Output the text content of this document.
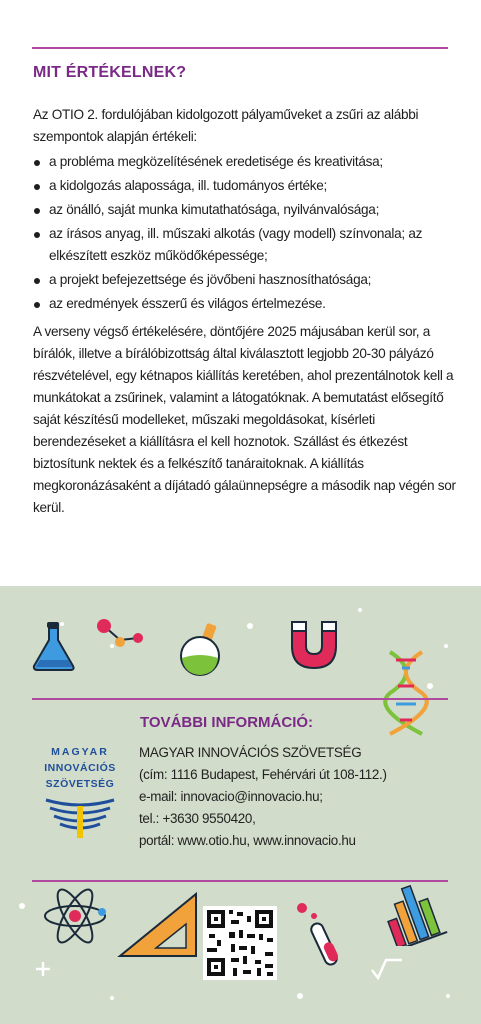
MIT ÉRTÉKELNEK?

Az OTIO 2. fordulójában kidolgozott pályaműveket a zsűri az alábbi szempontok alapján értékeli:

a probléma megközelítésének eredetisége és kreativitása;
a kidolgozás alapossága, ill. tudományos értéke;
az önálló, saját munka kimutathatósága, nyilvánvalósága;
az írásos anyag, ill. műszaki alkotás (vagy modell) színvonala; az elkészített eszköz működőképessége;
a projekt befejezettsége és jövőbeni hasznosíthatósága;
az eredmények ésszerű és világos értelmezése.

A verseny végső értékelésére, döntőjére 2025 májusában kerül sor, a bírálók, illetve a bírálóbizottság által kiválasztott legjobb 20-30 pályázó részvételével, egy kétnapos kiállítás keretében, ahol prezentálnotok kell a munkátokat a zsűrinek, valamint a látogatóknak. A bemutatást elősegítő saját készítésű modelleket, műszaki megoldásokat, kísérleti berendezéseket a kiállításra el kell hoznotok. Szállást és étkezést biztosítunk nektek és a felkészítő tanáraitoknak. A kiállítás megkoronázásaként a díjátadó gálaünnepségre a második nap végén sor kerül.

TOVÁBBI INFORMÁCIÓ:
MAGYAR
INNOVÁCIÓS
SZÖVETSÉG
MAGYAR INNOVÁCIÓS SZÖVETSÉG
(cím: 1116 Budapest, Fehérvári út 108-112.)
e-mail: innovacio@innovacio.hu;
tel.: +3630 9550420,
portál: www.otio.hu, www.innovacio.hu
